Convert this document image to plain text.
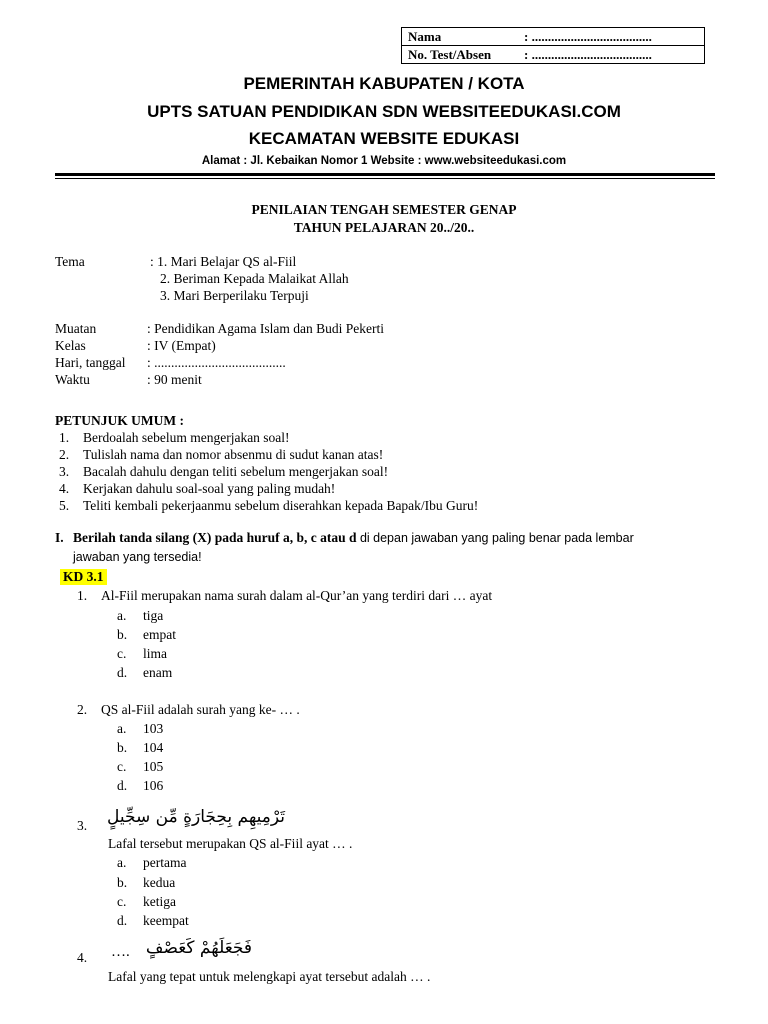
Nama	: .....................................
No. Test/Absen	: .....................................
PEMERINTAH KABUPATEN / KOTA
UPTS SATUAN PENDIDIKAN SDN WEBSITEEDUKASI.COM
KECAMATAN WEBSITE EDUKASI
Alamat : Jl. Kebaikan Nomor 1 Website : www.websiteedukasi.com
PENILAIAN TENGAH SEMESTER GENAP
TAHUN PELAJARAN 20../20..
Tema	: 1. Mari Belajar QS al-Fiil
2. Beriman Kepada Malaikat Allah
3. Mari Berperilaku Terpuji
Muatan	: Pendidikan Agama Islam dan Budi Pekerti
Kelas	: IV (Empat)
Hari, tanggal : .......................................
Waktu	: 90 menit
PETUNJUK UMUM :
1. Berdoalah sebelum mengerjakan soal!
2. Tulislah nama dan nomor absenmu di sudut kanan atas!
3. Bacalah dahulu dengan teliti sebelum mengerjakan soal!
4. Kerjakan dahulu soal-soal yang paling mudah!
5. Teliti kembali pekerjaanmu sebelum diserahkan kepada Bapak/Ibu Guru!
I. Berilah tanda silang (X) pada huruf a, b, c atau d di depan jawaban yang paling benar pada lembar
jawaban yang tersedia!
KD 3.1
1. Al-Fiil merupakan nama surah dalam al-Qur’an yang terdiri dari … ayat
a. tiga
b. empat
c. lima
d. enam
2. QS al-Fiil adalah surah yang ke- … .
a. 103
b. 104
c. 105
d. 106
3. تَرْمِيهِم بِحِجَارَةٍ مِّن سِجِّيلٍ
Lafal tersebut merupakan QS al-Fiil ayat … .
a. pertama
b. kedua
c. ketiga
d. keempat
4. …. فَجَعَلَهُمْ كَعَصْفٍ
Lafal yang tepat untuk melengkapi ayat tersebut adalah … .
